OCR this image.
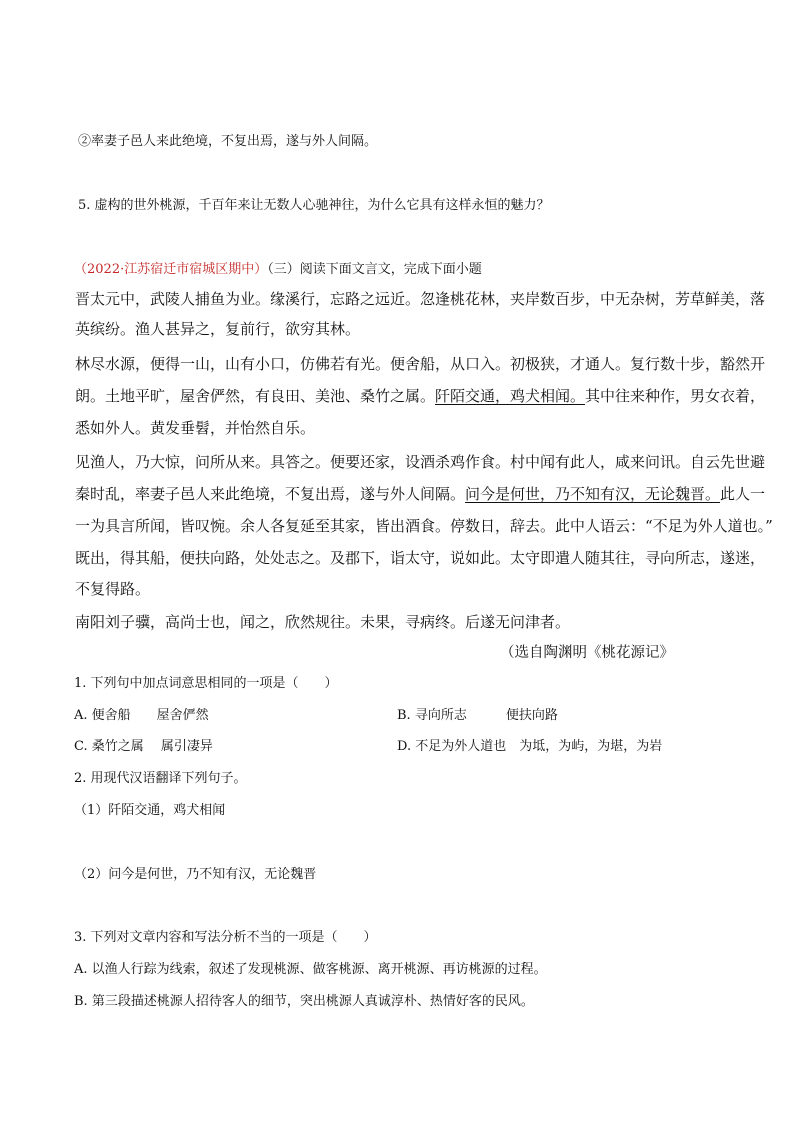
②率妻子邑人来此绝境，不复出焉，遂与外人间隔。
5. 虚构的世外桃源，千百年来让无数人心驰神往，为什么它具有这样永恒的魅力？
（2022·江苏宿迁市宿城区期中）（三）阅读下面文言文，完成下面小题
晋太元中，武陵人捕鱼为业。缘溪行，忘路之远近。忽逢桃花林，夹岸数百步，中无杂树，芳草鲜美，落
英缤纷。渔人甚异之，复前行，欲穷其林。
林尽水源，便得一山，山有小口，仿佛若有光。便舍船，从口入。初极狭，才通人。复行数十步，豁然开
朗。土地平旷，屋舍俨然，有良田、美池、桑竹之属。阡陌交通，鸡犬相闻。其中往来种作，男女衣着，
悉如外人。黄发垂髫，并怡然自乐。
见渔人，乃大惊，问所从来。具答之。便要还家，设酒杀鸡作食。村中闻有此人，咸来问讯。自云先世避
秦时乱，率妻子邑人来此绝境，不复出焉，遂与外人间隔。问今是何世，乃不知有汉，无论魏晋。此人一
一为具言所闻，皆叹惋。余人各复延至其家，皆出酒食。停数日，辞去。此中人语云：“不足为外人道也。”
既出，得其船，便扶向路，处处志之。及郡下，诣太守，说如此。太守即遣人随其往，寻向所志，遂迷，
不复得路。
南阳刘子骥，高尚士也，闻之，欣然规往。未果，寻病终。后遂无问津者。
（选自陶渊明《桃花源记》
1. 下列句中加点词意思相同的一项是（　　）
A. 便舍船　　屋舍俨然	B. 寻向所志　　　便扶向路
C. 桑竹之属　 属引凄异	D. 不足为外人道也　为坻，为屿，为堪，为岩
2. 用现代汉语翻译下列句子。
（1）阡陌交通，鸡犬相闻
（2）问今是何世，乃不知有汉，无论魏晋
3. 下列对文章内容和写法分析不当的一项是（　　）
A. 以渔人行踪为线索，叙述了发现桃源、做客桃源、离开桃源、再访桃源的过程。
B. 第三段描述桃源人招待客人的细节，突出桃源人真诚淳朴、热情好客的民风。
